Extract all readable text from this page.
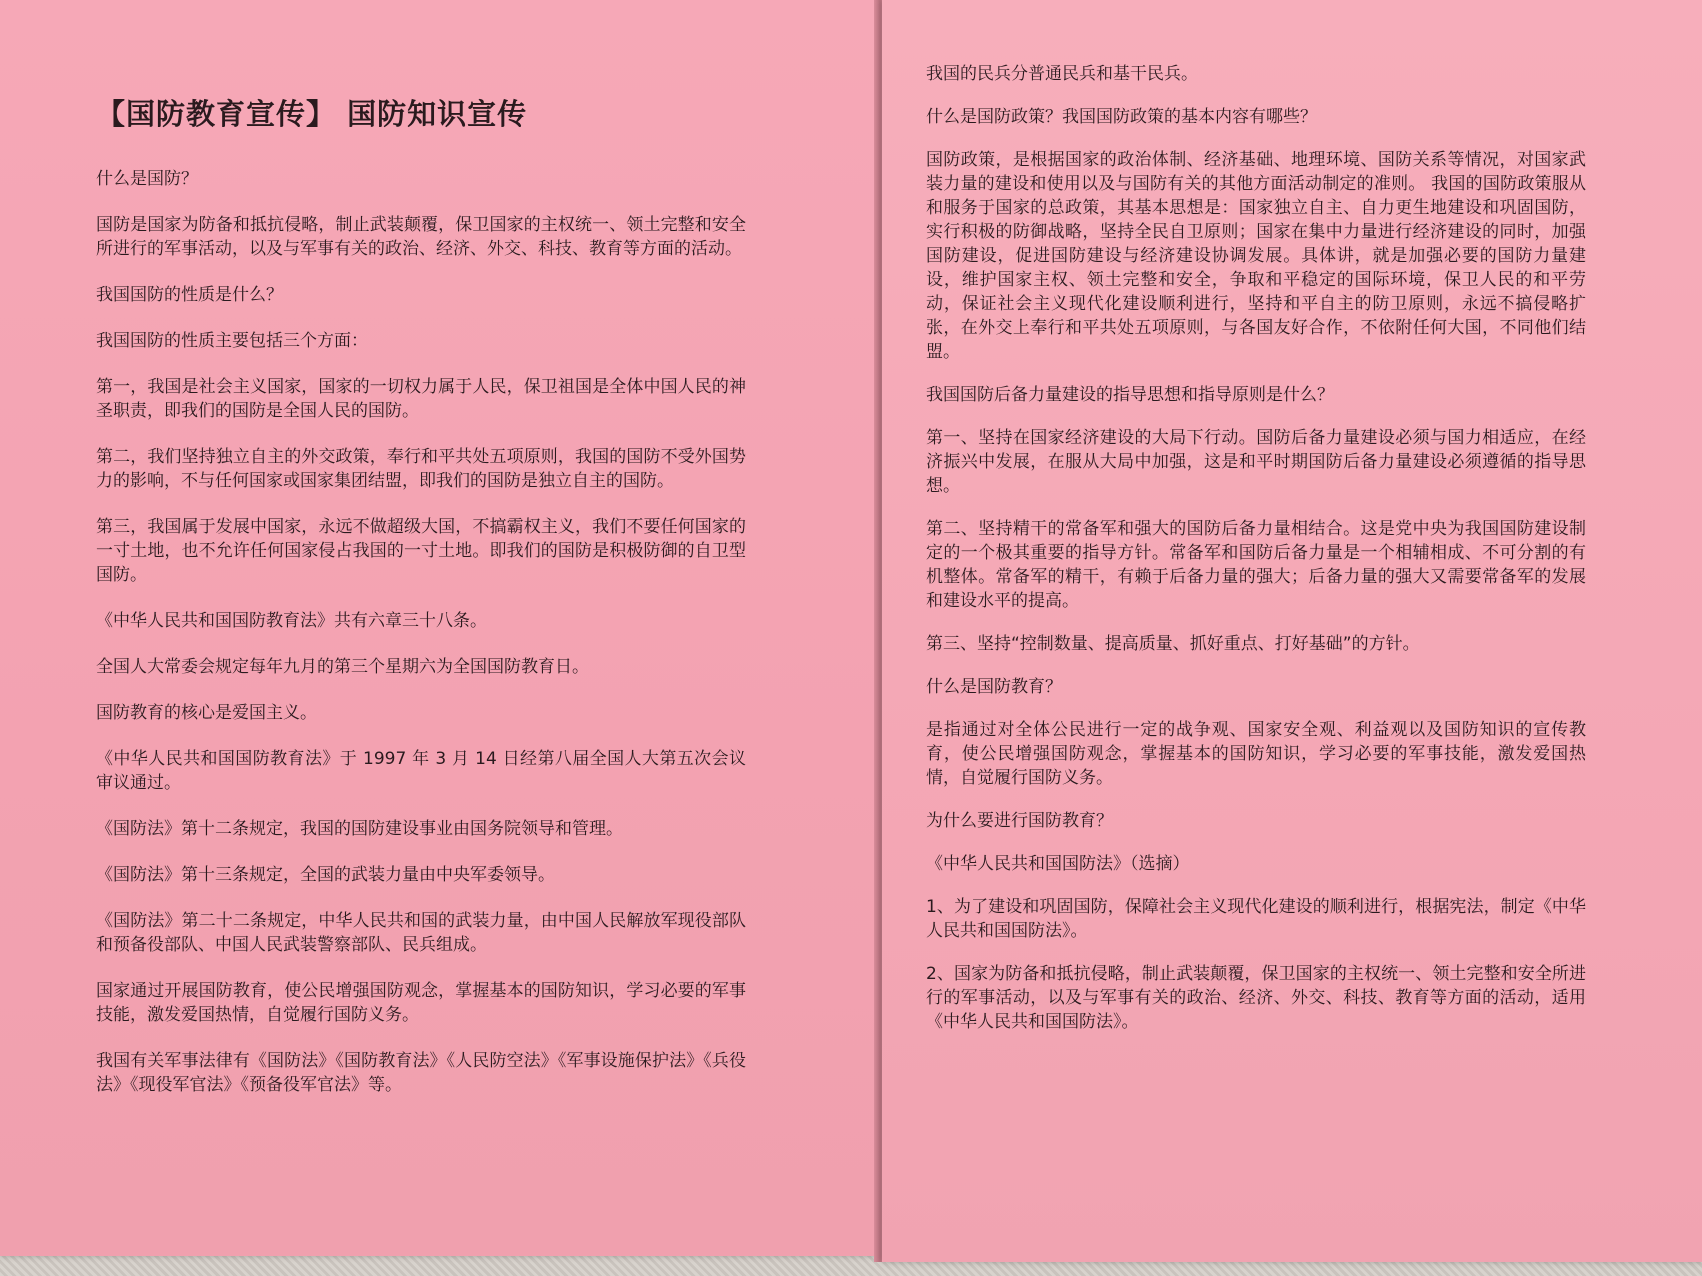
【国防教育宣传】 国防知识宣传

什么是国防？

国防是国家为防备和抵抗侵略，制止武装颠覆，保卫国家的主权统一、领土完整和安全所进行的军事活动，以及与军事有关的政治、经济、外交、科技、教育等方面的活动。

我国国防的性质是什么？

我国国防的性质主要包括三个方面：

第一，我国是社会主义国家，国家的一切权力属于人民，保卫祖国是全体中国人民的神圣职责，即我们的国防是全国人民的国防。

第二，我们坚持独立自主的外交政策，奉行和平共处五项原则，我国的国防不受外国势力的影响，不与任何国家或国家集团结盟，即我们的国防是独立自主的国防。

第三，我国属于发展中国家，永远不做超级大国，不搞霸权主义，我们不要任何国家的一寸土地，也不允许任何国家侵占我国的一寸土地。即我们的国防是积极防御的自卫型国防。

《中华人民共和国国防教育法》共有六章三十八条。

全国人大常委会规定每年九月的第三个星期六为全国国防教育日。

国防教育的核心是爱国主义。

《中华人民共和国国防教育法》于 1997 年 3 月 14 日经第八届全国人大第五次会议审议通过。

《国防法》第十二条规定，我国的国防建设事业由国务院领导和管理。

《国防法》第十三条规定，全国的武装力量由中央军委领导。

《国防法》第二十二条规定，中华人民共和国的武装力量，由中国人民解放军现役部队和预备役部队、中国人民武装警察部队、民兵组成。

国家通过开展国防教育，使公民增强国防观念，掌握基本的国防知识，学习必要的军事技能，激发爱国热情，自觉履行国防义务。

我国有关军事法律有《国防法》《国防教育法》《人民防空法》《军事设施保护法》《兵役法》《现役军官法》《预备役军官法》等。

我国的民兵分普通民兵和基干民兵。

什么是国防政策？我国国防政策的基本内容有哪些？

国防政策，是根据国家的政治体制、经济基础、地理环境、国防关系等情况，对国家武装力量的建设和使用以及与国防有关的其他方面活动制定的准则。 我国的国防政策服从和服务于国家的总政策，其基本思想是：国家独立自主、自力更生地建设和巩固国防，实行积极的防御战略，坚持全民自卫原则；国家在集中力量进行经济建设的同时，加强国防建设，促进国防建设与经济建设协调发展。具体讲，就是加强必要的国防力量建设，维护国家主权、领土完整和安全，争取和平稳定的国际环境，保卫人民的和平劳动，保证社会主义现代化建设顺利进行，坚持和平自主的防卫原则，永远不搞侵略扩张，在外交上奉行和平共处五项原则，与各国友好合作，不依附任何大国，不同他们结盟。

我国国防后备力量建设的指导思想和指导原则是什么？

第一、坚持在国家经济建设的大局下行动。国防后备力量建设必须与国力相适应，在经济振兴中发展，在服从大局中加强，这是和平时期国防后备力量建设必须遵循的指导思想。

第二、坚持精干的常备军和强大的国防后备力量相结合。这是党中央为我国国防建设制定的一个极其重要的指导方针。常备军和国防后备力量是一个相辅相成、不可分割的有机整体。常备军的精干，有赖于后备力量的强大；后备力量的强大又需要常备军的发展和建设水平的提高。

第三、坚持“控制数量、提高质量、抓好重点、打好基础”的方针。

什么是国防教育？

是指通过对全体公民进行一定的战争观、国家安全观、利益观以及国防知识的宣传教育，使公民增强国防观念，掌握基本的国防知识，学习必要的军事技能，激发爱国热情，自觉履行国防义务。

为什么要进行国防教育？

《中华人民共和国国防法》（选摘）

1、为了建设和巩固国防，保障社会主义现代化建设的顺利进行，根据宪法，制定《中华人民共和国国防法》。

2、国家为防备和抵抗侵略，制止武装颠覆，保卫国家的主权统一、领土完整和安全所进行的军事活动，以及与军事有关的政治、经济、外交、科技、教育等方面的活动，适用《中华人民共和国国防法》。
